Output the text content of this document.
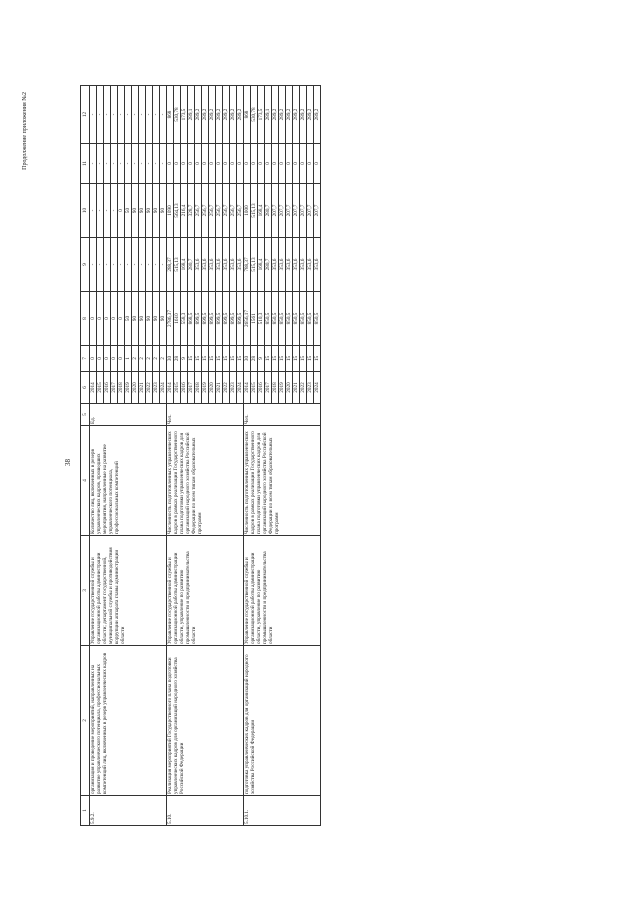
Продолжение приложения №2
38
1	2	3	4	5	6	7	8	9	10	11	12
5.9.2.	организация и проведение мероприятий, направленных на развитие управленческого потенциала, профессиональных компетенций лиц, включенных в резерв управленческих кадров	Управление государственной службы и организационной работы администрации области; департамент государственной, муниципальной службы и противодействия коррупции аппарата главы администрации области	Количество лиц, включенных в резерв управленческих кадров, прошедших мероприятия, направленные на развитие управленческого потенциала, профессиональных компетенций	Ед.	2014	0	0	-	-	-	-
					2015	0	0	-	-	-	-
					2016	0	0	-	-	-	-
					2017	0	0	-	-	-	-
					2018	0	0	-	0	-	-
					2019	1	50	-	50	-	-
					2020	2	90	-	90	-	-
					2021	2	90	-	90	-	-
					2022	2	90	-	90	-	-
					2023	2	90	-	90	-	-
					2024	2	90	-	90	-	-
5.10.	Реализация мероприятий Государственного плана подготовки управленческих кадров для организаций народного хозяйства Российской Федерации	Управление государственной службы и организационной работы администрации области, управление по развитию промышленности и предпринимательства области	Численность подготовленных управленческих кадров в рамках реализации Государственного плана подготовки управленческих кадров для организаций народного хозяйства Российской Федерации по всем типам образовательных программ	Чел.	2014	30	2786,37	288,37	1090	0	868
					2015	28	1610	515,13	564,13	0	530,78
					2016	9	558,3	168,4	216,4	0	173,5
					2017	15	868,5	280,7	328,7	0	289,1
					2018	15	899,5	353,6	256,7	0	289,2
					2019	15	899,5	353,6	256,7	0	289,2
					2020	15	899,5	353,6	256,7	0	289,2
					2021	15	899,5	353,6	256,7	0	289,2
					2022	15	899,5	353,6	256,7	0	289,2
					2023	15	899,5	353,6	256,7	0	289,2
					2024	15	899,5	353,6	256,7	0	289,2
5.10.1.	подготовка управленческих кадров для организаций народного хозяйства Российской Федерации	Управление государственной службы и организационной работы администрации области, управление по развитию промышленности и предпринимательства области	Численность подготовленных управленческих кадров в рамках реализации Государственного плана подготовки управленческих кадров для организаций народного хозяйства Российской Федерации по всем типам образовательных программ	Чел.	2014	30	2656,17	788,37	1000	0	868
					2015	28	1561	515,13	515,13	0	530,78
					2016	9	510,3	168,4	168,4	0	173,5
					2017	15	850,5	280,7	280,7	0	289,1
					2018	15	850,5	353,6	207,7	0	289,2
					2019	15	850,5	353,6	207,7	0	289,2
					2020	15	850,5	353,6	207,7	0	289,2
					2021	15	850,5	353,6	207,7	0	289,2
					2022	15	850,5	353,6	207,7	0	289,2
					2023	15	850,5	353,6	207,7	0	289,2
					2024	15	850,5	353,6	207,7	0	289,2
